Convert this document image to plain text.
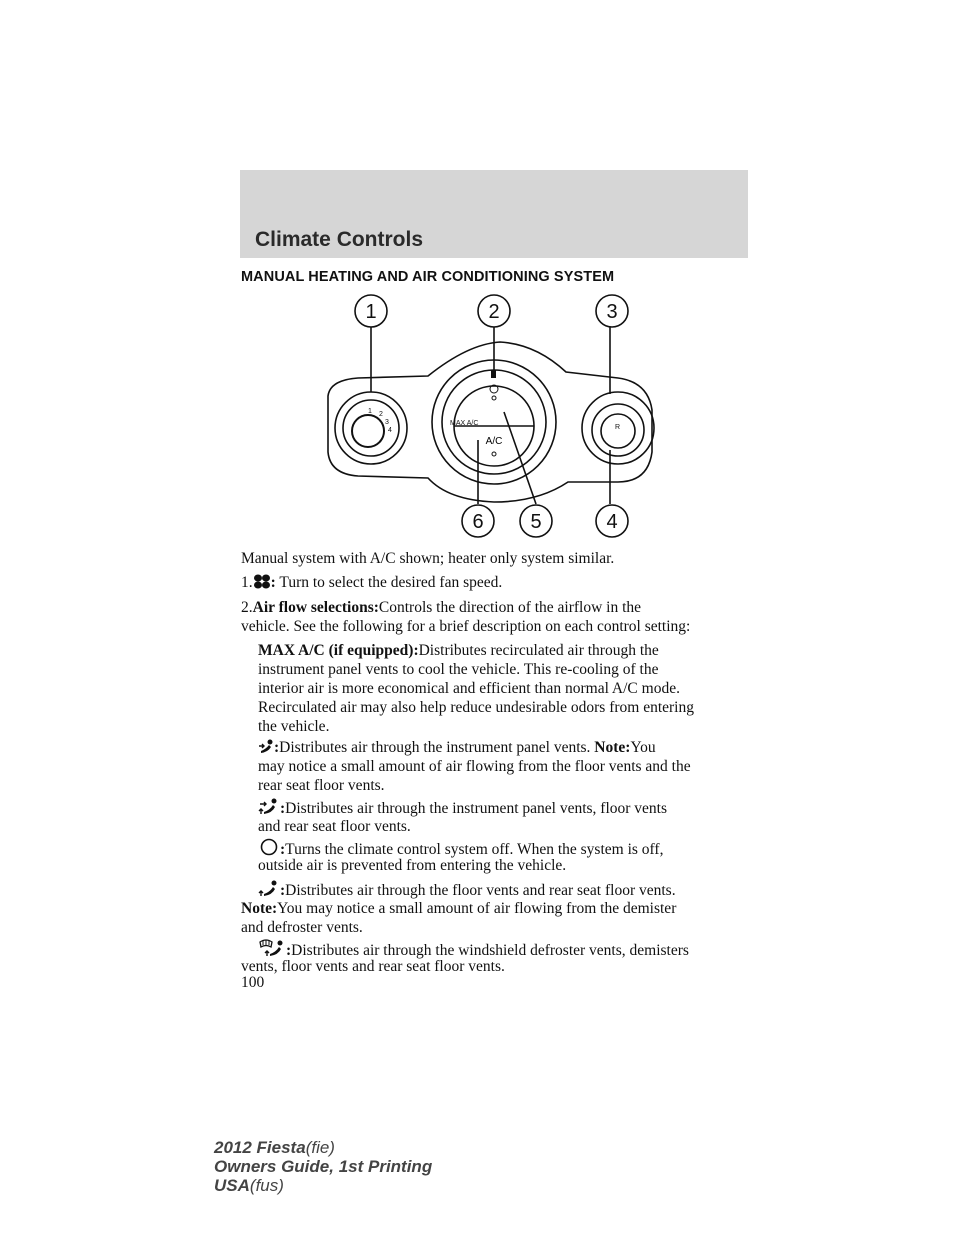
Climate Controls
MANUAL HEATING AND AIR CONDITIONING SYSTEM
1	2	3
4
5
6
1 2
3
4
MAX A/C
R
A/C
Manual system with A/C shown; heater only system similar.
1. : Turn to select the desired fan speed.
2.Air flow selections:Controls the direction of the airflow in the
vehicle. See the following for a brief description on each control setting:
MAX A/C (if equipped):Distributes recirculated air through the
instrument panel vents to cool the vehicle. This re-cooling of the
interior air is more economical and efficient than normal A/C mode.
Recirculated air may also help reduce undesirable odors from entering
the vehicle.
:Distributes air through the instrument panel vents. Note:You
may notice a small amount of air flowing from the floor vents and the
rear seat floor vents.
:Distributes air through the instrument panel vents, floor vents
and rear seat floor vents.
:Turns the climate control system off. When the system is off,
outside air is prevented from entering the vehicle.
:Distributes air through the floor vents and rear seat floor vents.
Note:You may notice a small amount of air flowing from the demister
and defroster vents.
:Distributes air through the windshield defroster vents, demisters
vents, floor vents and rear seat floor vents.
100
2012 Fiesta(fie)
Owners Guide, 1st Printing
USA(fus)
